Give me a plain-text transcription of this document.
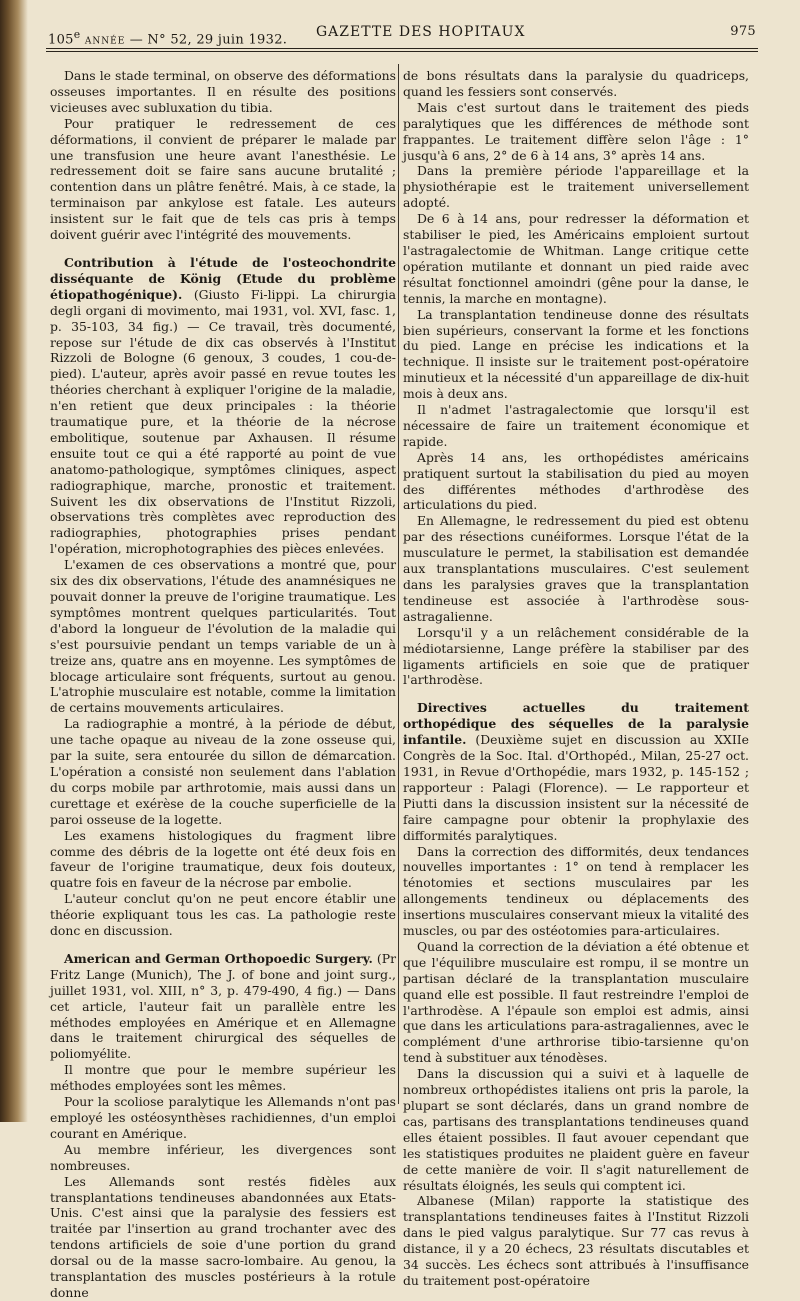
105e ANNÉE — N° 52, 29 juin 1932. GAZETTE DES HOPITAUX	975

Dans le stade terminal, on observe des déformations osseuses importantes. Il en résulte des positions vicieuses avec subluxation du tibia.

Pour pratiquer le redressement de ces déformations, il convient de préparer le malade par une transfusion une heure avant l'anesthésie. Le redressement doit se faire sans aucune brutalité ; contention dans un plâtre fenêtré. Mais, à ce stade, la terminaison par ankylose est fatale. Les auteurs insistent sur le fait que de tels cas pris à temps doivent guérir avec l'intégrité des mouvements.

Contribution à l'étude de l'osteochondrite disséquante de König (Etude du problème étiopathogénique). (Giusto Fi-lippi. La chirurgia degli organi di movimento, mai 1931, vol. XVI, fasc. 1, p. 35-103, 34 fig.) — Ce travail, très documenté, repose sur l'étude de dix cas observés à l'Institut Rizzoli de Bologne (6 genoux, 3 coudes, 1 cou-de-pied). L'auteur, après avoir passé en revue toutes les théories cherchant à expliquer l'origine de la maladie, n'en retient que deux principales : la théorie traumatique pure, et la théorie de la nécrose embolitique, soutenue par Axhausen. Il résume ensuite tout ce qui a été rapporté au point de vue anatomo-pathologique, symptômes cliniques, aspect radiographique, marche, pronostic et traitement. Suivent les dix observations de l'Institut Rizzoli, observations très complètes avec reproduction des radiographies, photographies prises pendant l'opération, microphotographies des pièces enlevées.

L'examen de ces observations a montré que, pour six des dix observations, l'étude des anamnésiques ne pouvait donner la preuve de l'origine traumatique. Les symptômes montrent quelques particularités. Tout d'abord la longueur de l'évolution de la maladie qui s'est poursuivie pendant un temps variable de un à treize ans, quatre ans en moyenne. Les symptômes de blocage articulaire sont fréquents, surtout au genou. L'atrophie musculaire est notable, comme la limitation de certains mouvements articulaires.

La radiographie a montré, à la période de début, une tache opaque au niveau de la zone osseuse qui, par la suite, sera entourée du sillon de démarcation. L'opération a consisté non seulement dans l'ablation du corps mobile par arthrotomie, mais aussi dans un curettage et exérèse de la couche superficielle de la paroi osseuse de la logette.

Les examens histologiques du fragment libre comme des débris de la logette ont été deux fois en faveur de l'origine traumatique, deux fois douteux, quatre fois en faveur de la nécrose par embolie.

L'auteur conclut qu'on ne peut encore établir une théorie expliquant tous les cas. La pathologie reste donc en discussion.

American and German Orthopoedic Surgery. (Pr Fritz Lange (Munich), The J. of bone and joint surg., juillet 1931, vol. XIII, n° 3, p. 479-490, 4 fig.) — Dans cet article, l'auteur fait un parallèle entre les méthodes employées en Amérique et en Allemagne dans le traitement chirurgical des séquelles de poliomyélite.

Il montre que pour le membre supérieur les méthodes employées sont les mêmes.

Pour la scoliose paralytique les Allemands n'ont pas employé les ostéosynthèses rachidiennes, d'un emploi courant en Amérique.

Au membre inférieur, les divergences sont nombreuses.

Les Allemands sont restés fidèles aux transplantations tendineuses abandonnées aux Etats-Unis. C'est ainsi que la paralysie des fessiers est traitée par l'insertion au grand trochanter avec des tendons artificiels de soie d'une portion du grand dorsal ou de la masse sacro-lombaire. Au genou, la transplantation des muscles postérieurs à la rotule donne

de bons résultats dans la paralysie du quadriceps, quand les fessiers sont conservés.

Mais c'est surtout dans le traitement des pieds paralytiques que les différences de méthode sont frappantes. Le traitement diffère selon l'âge : 1° jusqu'à 6 ans, 2° de 6 à 14 ans, 3° après 14 ans.

Dans la première période l'appareillage et la physiothérapie est le traitement universellement adopté.

De 6 à 14 ans, pour redresser la déformation et stabiliser le pied, les Américains emploient surtout l'astragalectomie de Whitman. Lange critique cette opération mutilante et donnant un pied raide avec résultat fonctionnel amoindri (gêne pour la danse, le tennis, la marche en montagne).

La transplantation tendineuse donne des résultats bien supérieurs, conservant la forme et les fonctions du pied. Lange en précise les indications et la technique. Il insiste sur le traitement post-opératoire minutieux et la nécessité d'un appareillage de dix-huit mois à deux ans.

Il n'admet l'astragalectomie que lorsqu'il est nécessaire de faire un traitement économique et rapide.

Après 14 ans, les orthopédistes américains pratiquent surtout la stabilisation du pied au moyen des différentes méthodes d'arthrodèse des articulations du pied.

En Allemagne, le redressement du pied est obtenu par des résections cunéiformes. Lorsque l'état de la musculature le permet, la stabilisation est demandée aux transplantations musculaires. C'est seulement dans les paralysies graves que la transplantation tendineuse est associée à l'arthrodèse sous-astragalienne.

Lorsqu'il y a un relâchement considérable de la médiotarsienne, Lange préfère la stabiliser par des ligaments artificiels en soie que de pratiquer l'arthrodèse.

Directives actuelles du traitement orthopédique des séquelles de la paralysie infantile. (Deuxième sujet en discussion au XXIIe Congrès de la Soc. Ital. d'Orthopéd., Milan, 25-27 oct. 1931, in Revue d'Orthopédie, mars 1932, p. 145-152 ; rapporteur : Palagi (Florence). — Le rapporteur et Piutti dans la discussion insistent sur la nécessité de faire campagne pour obtenir la prophylaxie des difformités paralytiques.

Dans la correction des difformités, deux tendances nouvelles importantes : 1° on tend à remplacer les ténotomies et sections musculaires par les allongements tendineux ou déplacements des insertions musculaires conservant mieux la vitalité des muscles, ou par des ostéotomies para-articulaires.

Quand la correction de la déviation a été obtenue et que l'équilibre musculaire est rompu, il se montre un partisan déclaré de la transplantation musculaire quand elle est possible. Il faut restreindre l'emploi de l'arthrodèse. A l'épaule son emploi est admis, ainsi que dans les articulations para-astragaliennes, avec le complément d'une arthrorise tibio-tarsienne qu'on tend à substituer aux ténodèses.

Dans la discussion qui a suivi et à laquelle de nombreux orthopédistes italiens ont pris la parole, la plupart se sont déclarés, dans un grand nombre de cas, partisans des transplantations tendineuses quand elles étaient possibles. Il faut avouer cependant que les statistiques produites ne plaident guère en faveur de cette manière de voir. Il s'agit naturellement de résultats éloignés, les seuls qui comptent ici.

Albanese (Milan) rapporte la statistique des transplantations tendineuses faites à l'Institut Rizzoli dans le pied valgus paralytique. Sur 77 cas revus à distance, il y a 20 échecs, 23 résultats discutables et 34 succès. Les échecs sont attribués à l'insuffisance du traitement post-opératoire
